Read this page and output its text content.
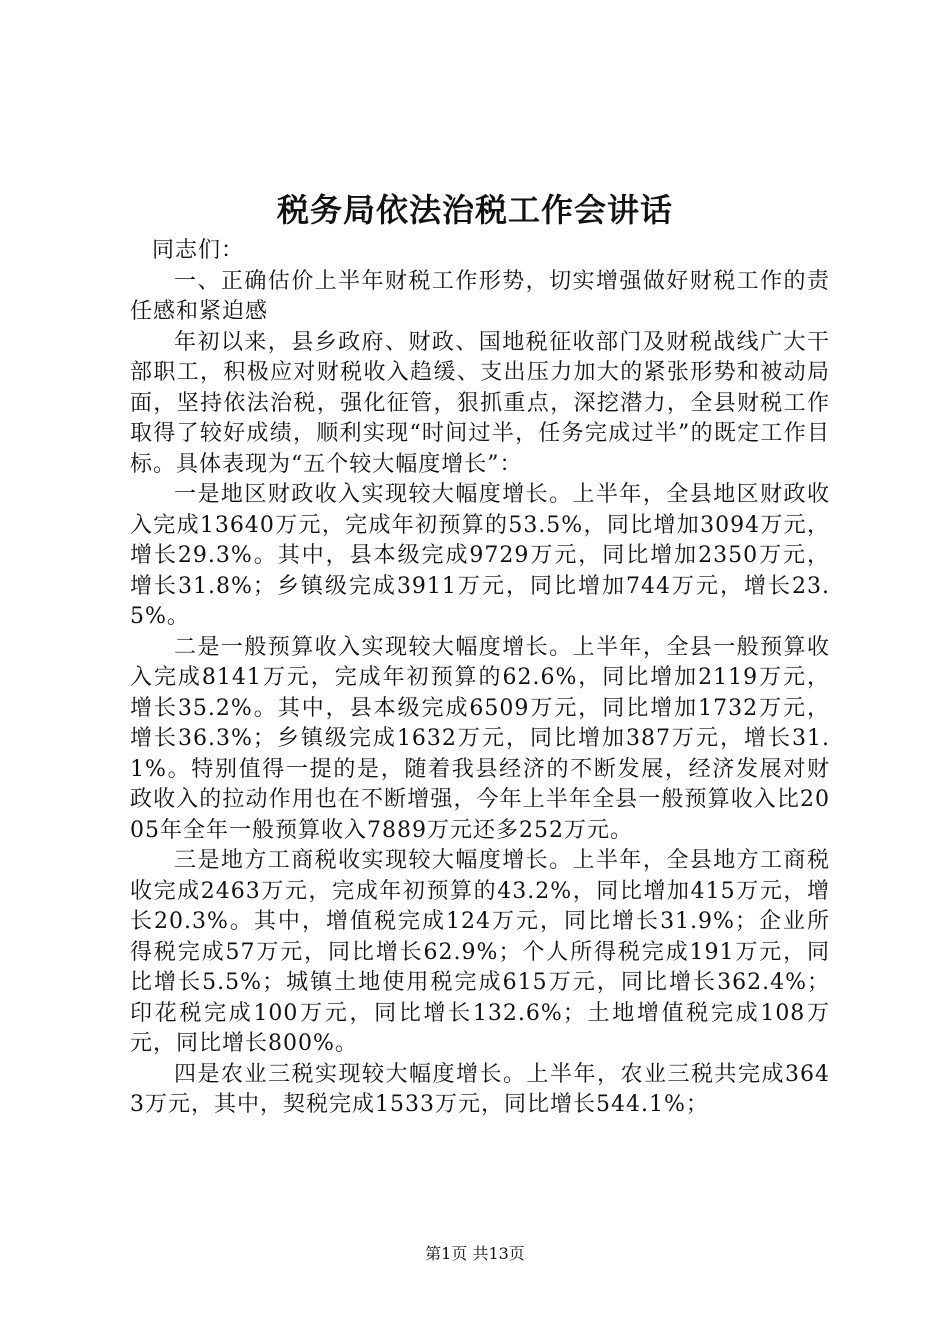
税务局依法治税工作会讲话

同志们：

一、正确估价上半年财税工作形势，切实增强做好财税工作的责任感和紧迫感

年初以来，县乡政府、财政、国地税征收部门及财税战线广大干部职工，积极应对财税收入趋缓、支出压力加大的紧张形势和被动局面，坚持依法治税，强化征管，狠抓重点，深挖潜力，全县财税工作取得了较好成绩，顺利实现“时间过半，任务完成过半”的既定工作目标。具体表现为“五个较大幅度增长”：

一是地区财政收入实现较大幅度增长。上半年，全县地区财政收入完成13640万元，完成年初预算的53.5%，同比增加3094万元，增长29.3%。其中，县本级完成9729万元，同比增加2350万元，增长31.8%；乡镇级完成3911万元，同比增加744万元，增长23.5%。

二是一般预算收入实现较大幅度增长。上半年，全县一般预算收入完成8141万元，完成年初预算的62.6%，同比增加2119万元，增长35.2%。其中，县本级完成6509万元，同比增加1732万元，增长36.3%；乡镇级完成1632万元，同比增加387万元，增长31.1%。特别值得一提的是，随着我县经济的不断发展，经济发展对财政收入的拉动作用也在不断增强，今年上半年全县一般预算收入比2005年全年一般预算收入7889万元还多252万元。

三是地方工商税收实现较大幅度增长。上半年，全县地方工商税收完成2463万元，完成年初预算的43.2%，同比增加415万元，增长20.3%。其中，增值税完成124万元，同比增长31.9%；企业所得税完成57万元，同比增长62.9%；个人所得税完成191万元，同比增长5.5%；城镇土地使用税完成615万元，同比增长362.4%；印花税完成100万元，同比增长132.6%；土地增值税完成108万元，同比增长800%。

四是农业三税实现较大幅度增长。上半年，农业三税共完成3643万元，其中，契税完成1533万元，同比增长544.1%；

第1页 共13页
